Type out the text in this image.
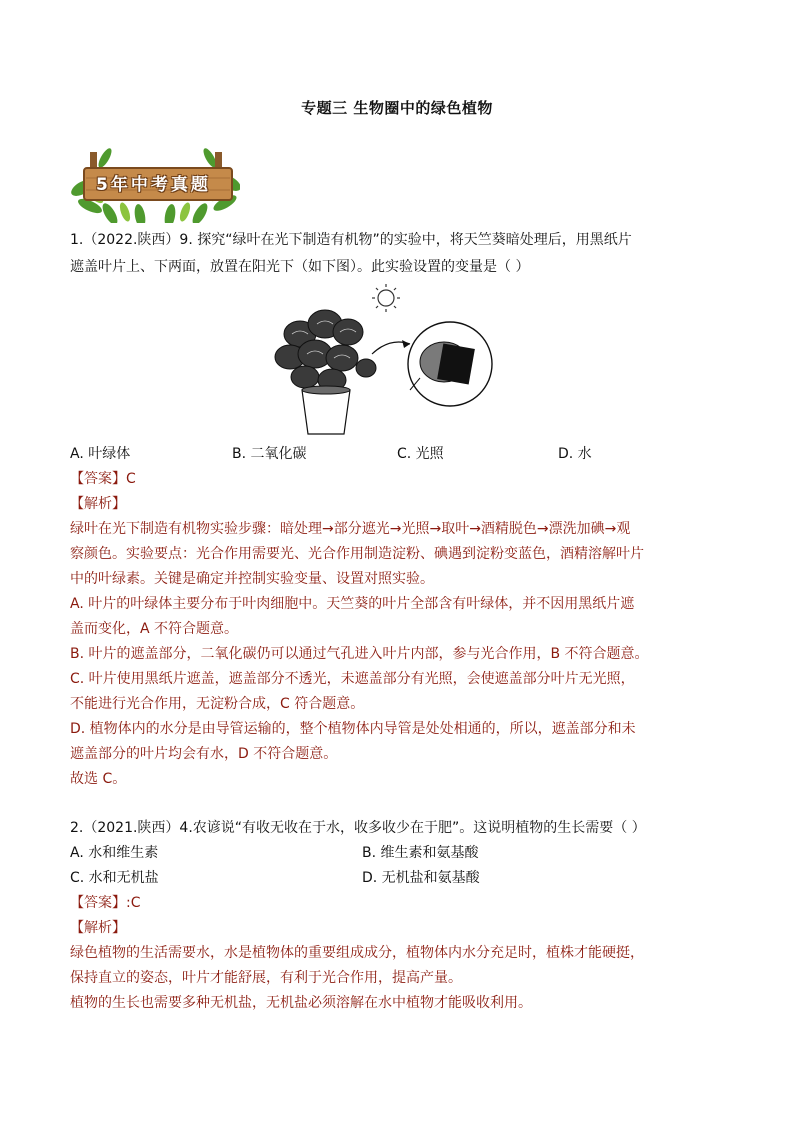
专题三 生物圈中的绿色植物
5年中考真题
1.（2022.陕西）9. 探究“绿叶在光下制造有机物”的实验中，将天竺葵暗处理后，用黑纸片
遮盖叶片上、下两面，放置在阳光下（如下图）。此实验设置的变量是（ ）
A. 叶绿体	B. 二氧化碳	C. 光照	D. 水
【答案】C
【解析】
绿叶在光下制造有机物实验步骤：暗处理→部分遮光→光照→取叶→酒精脱色→漂洗加碘→观
察颜色。实验要点：光合作用需要光、光合作用制造淀粉、碘遇到淀粉变蓝色，酒精溶解叶片
中的叶绿素。关键是确定并控制实验变量、设置对照实验。
A. 叶片的叶绿体主要分布于叶肉细胞中。天竺葵的叶片全部含有叶绿体，并不因用黑纸片遮
盖而变化，A 不符合题意。
B. 叶片的遮盖部分，二氧化碳仍可以通过气孔进入叶片内部，参与光合作用，B 不符合题意。
C. 叶片使用黑纸片遮盖，遮盖部分不透光，未遮盖部分有光照，会使遮盖部分叶片无光照，
不能进行光合作用，无淀粉合成，C 符合题意。
D. 植物体内的水分是由导管运输的，整个植物体内导管是处处相通的，所以，遮盖部分和未
遮盖部分的叶片均会有水，D 不符合题意。
故选 C。
2.（2021.陕西）4.农谚说“有收无收在于水，收多收少在于肥”。这说明植物的生长需要（ ）
A. 水和维生素	B. 维生素和氨基酸
C. 水和无机盐	D. 无机盐和氨基酸
【答案】:C
【解析】
绿色植物的生活需要水，水是植物体的重要组成成分，植物体内水分充足时，植株才能硬挺，
保持直立的姿态，叶片才能舒展，有利于光合作用，提高产量。
植物的生长也需要多种无机盐，无机盐必须溶解在水中植物才能吸收利用。
